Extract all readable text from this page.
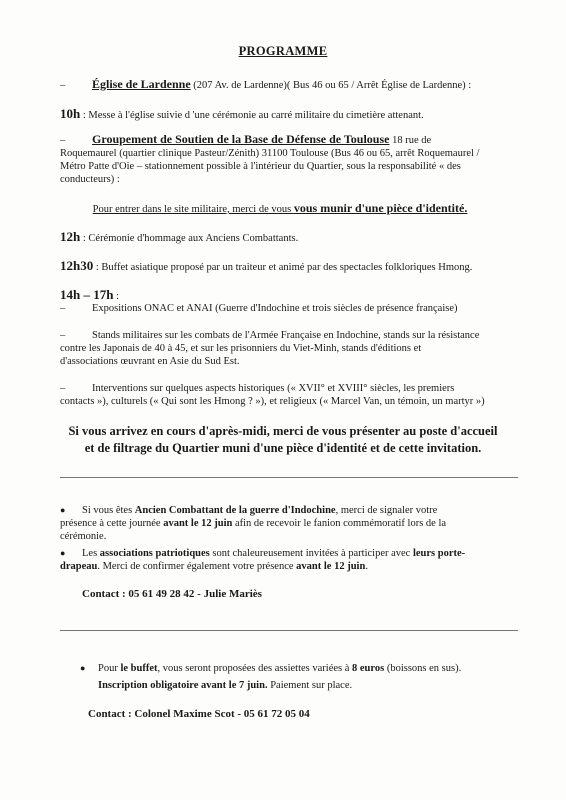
PROGRAMME
– Église de Lardenne (207 Av. de Lardenne)( Bus 46 ou 65 / Arrêt Église de Lardenne) :
10h : Messe à l'église suivie d 'une cérémonie au carré militaire du cimetière attenant.
– Groupement de Soutien de la Base de Défense de Toulouse 18 rue de
Roquemaurel (quartier clinique Pasteur/Zénith) 31100 Toulouse (Bus 46 ou 65, arrêt Roquemaurel /
Métro Patte d'Oie – stationnement possible à l'intérieur du Quartier, sous la responsabilité « des
conducteurs) :
Pour entrer dans le site militaire, merci de vous vous munir d'une pièce d'identité.
12h : Cérémonie d'hommage aux Anciens Combattants.
12h30 : Buffet asiatique proposé par un traiteur et animé par des spectacles folkloriques Hmong.
14h – 17h :
–	Expositions ONAC et ANAI (Guerre d'Indochine et trois siècles de présence française)
–	Stands militaires sur les combats de l'Armée Française en Indochine, stands sur la résistance
contre les Japonais de 40 à 45, et sur les prisonniers du Viet-Minh, stands d'éditions et
d'associations œuvrant en Asie du Sud Est.
–	Interventions sur quelques aspects historiques (« XVII° et XVIII° siècles, les premiers
contacts »), culturels (« Qui sont les Hmong ? »), et religieux (« Marcel Van, un témoin, un martyr »)
Si vous arrivez en cours d'après-midi, merci de vous présenter au poste d'accueil
et de filtrage du Quartier muni d'une pièce d'identité et de cette invitation.
● Si vous êtes Ancien Combattant de la guerre d'Indochine, merci de signaler votre
présence à cette journée avant le 12 juin afin de recevoir le fanion commémoratif lors de la
cérémonie.
● Les associations patriotiques sont chaleureusement invitées à participer avec leurs porte-
drapeau. Merci de confirmer également votre présence avant le 12 juin.
Contact : 05 61 49 28 42 - Julie Mariès
● Pour le buffet, vous seront proposées des assiettes variées à 8 euros (boissons en sus).
Inscription obligatoire avant le 7 juin. Paiement sur place.
Contact : Colonel Maxime Scot - 05 61 72 05 04
